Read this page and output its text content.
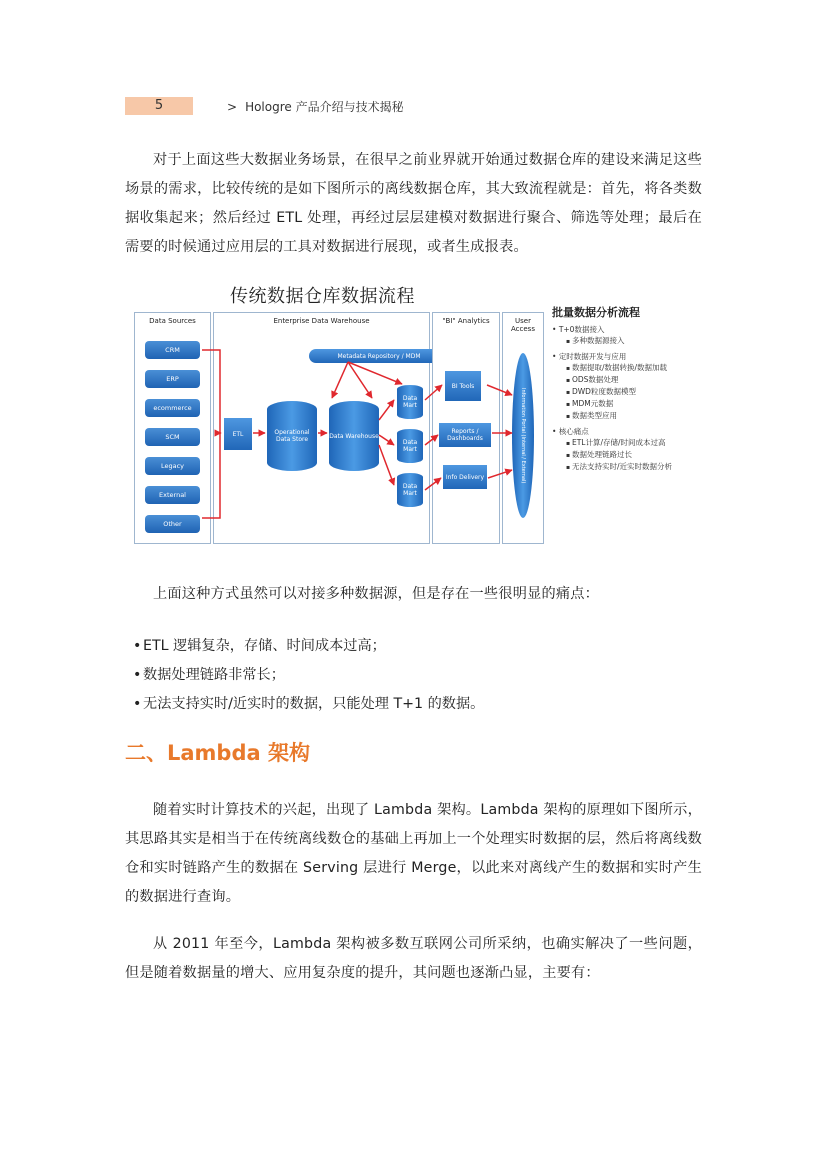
5	> Hologre 产品介绍与技术揭秘

对于上面这些大数据业务场景，在很早之前业界就开始通过数据仓库的建设来满足这些场景的需求，比较传统的是如下图所示的离线数据仓库，其大致流程就是：首先，将各类数据收集起来；然后经过 ETL 处理，再经过层层建模对数据进行聚合、筛选等处理；最后在需要的时候通过应用层的工具对数据进行展现，或者生成报表。

传统数据仓库数据流程
Data Sources
CRM
ERP
ecommerce
SCM
Legacy
External
Other
Enterprise Data Warehouse
Metadata Repository / MDM
ETL	Operational Data Store	Data Warehouse
Data Mart
Data Mart
Data Mart
"BI" Analytics
BI Tools
Reports / Dashboards
Info Delivery
User Access
Information Portal (Internal / External)
批量数据分析流程
• T+0数据接入
▪ 多种数据源接入
• 定时数据开发与应用
▪ 数据提取/数据转换/数据加载
▪ ODS数据处理
▪ DWD粒度数据模型
▪ MDM元数据
▪ 数据类型应用
• 核心痛点
▪ ETL计算/存储/时间成本过高
▪ 数据处理链路过长
▪ 无法支持实时/近实时数据分析

上面这种方式虽然可以对接多种数据源，但是存在一些很明显的痛点：

• ETL 逻辑复杂，存储、时间成本过高；
• 数据处理链路非常长；
• 无法支持实时/近实时的数据，只能处理 T+1 的数据。
二、Lambda 架构

随着实时计算技术的兴起，出现了 Lambda 架构。Lambda 架构的原理如下图所示，其思路其实是相当于在传统离线数仓的基础上再加上一个处理实时数据的层，然后将离线数仓和实时链路产生的数据在 Serving 层进行 Merge，以此来对离线产生的数据和实时产生的数据进行查询。

从 2011 年至今，Lambda 架构被多数互联网公司所采纳，也确实解决了一些问题，但是随着数据量的增大、应用复杂度的提升，其问题也逐渐凸显，主要有：
